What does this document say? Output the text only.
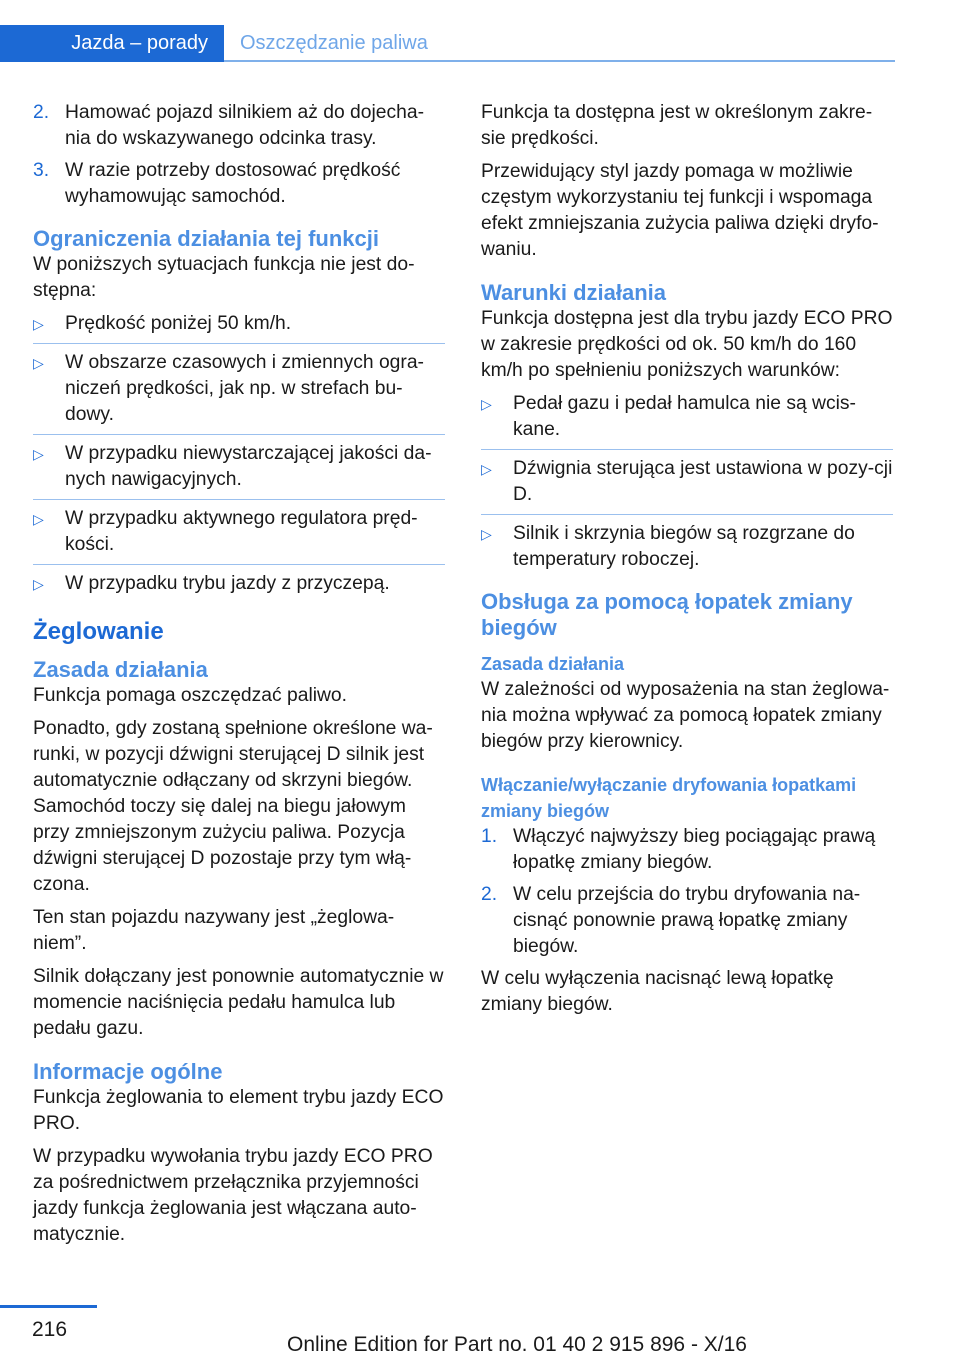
Jazda – porady Oszczędzanie paliwa
2. Hamować pojazd silnikiem aż do dojecha-nia do wskazywanego odcinka trasy.
3. W razie potrzeby dostosować prędkość wyhamowując samochód.
Ograniczenia działania tej funkcji

W poniższych sytuacjach funkcja nie jest do-stępna:

▷	Prędkość poniżej 50 km/h.
▷	W obszarze czasowych i zmiennych ogra-niczeń prędkości, jak np. w strefach bu-dowy.
▷	W przypadku niewystarczającej jakości da-nych nawigacyjnych.
▷	W przypadku aktywnego regulatora pręd-kości.
▷	W przypadku trybu jazdy z przyczepą.
Żeglowanie
Zasada działania

Funkcja pomaga oszczędzać paliwo.

Ponadto, gdy zostaną spełnione określone wa-runki, w pozycji dźwigni sterującej D silnik jest automatycznie odłączany od skrzyni biegów. Samochód toczy się dalej na biegu jałowym przy zmniejszonym zużyciu paliwa. Pozycja dźwigni sterującej D pozostaje przy tym włą-czona.

Ten stan pojazdu nazywany jest „żeglowa-niem”.

Silnik dołączany jest ponownie automatycznie w momencie naciśnięcia pedału hamulca lub pedału gazu.

Informacje ogólne

Funkcja żeglowania to element trybu jazdy ECO PRO.

W przypadku wywołania trybu jazdy ECO PRO za pośrednictwem przełącznika przyjemności jazdy funkcja żeglowania jest włączana auto-matycznie.

Funkcja ta dostępna jest w określonym zakre-sie prędkości.

Przewidujący styl jazdy pomaga w możliwie częstym wykorzystaniu tej funkcji i wspomaga efekt zmniejszania zużycia paliwa dzięki dryfo-waniu.

Warunki działania

Funkcja dostępna jest dla trybu jazdy ECO PRO w zakresie prędkości od ok. 50 km/h do 160 km/h po spełnieniu poniższych warunków:

▷	Pedał gazu i pedał hamulca nie są wcis-kane.
▷	Dźwignia sterująca jest ustawiona w pozy-cji D.
▷	Silnik i skrzynia biegów są rozgrzane do temperatury roboczej.
Obsługa za pomocą łopatek zmiany biegów
Zasada działania

W zależności od wyposażenia na stan żeglowa-nia można wpływać za pomocą łopatek zmiany biegów przy kierownicy.

Włączanie/wyłączanie dryfowania łopatkami zmiany biegów
1. Włączyć najwyższy bieg pociągając prawą łopatkę zmiany biegów.
2. W celu przejścia do trybu dryfowania na-cisnąć ponownie prawą łopatkę zmiany biegów.

W celu wyłączenia nacisnąć lewą łopatkę zmiany biegów.

216
Online Edition for Part no. 01 40 2 915 896 - X/16
